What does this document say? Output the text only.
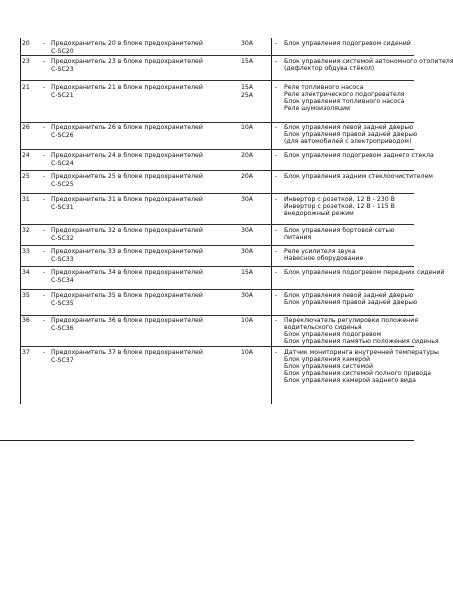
20	- Предохранитель 20 в блоке предохранителей
C-SC20
30A	-	Блок управления подогревом сидений
23	- Предохранитель 23 в блоке предохранителей
C-SC23
15A	-	Блок управления системой автономного отопителя
(дефлектор обдува стёкол)
21	- Предохранитель 21 в блоке предохранителей
C-SC21
15A
25A
-	Реле топливного насоса
Реле электрического подогревателя
Блок управления топливного насоса
Реле шумоизоляции
26	- Предохранитель 26 в блоке предохранителей
C-SC26
10A	-	Блок управления левой задней дверью
Блок управления правой задней дверью
(для автомобилей с электроприводом)
24	- Предохранитель 24 в блоке предохранителей
C-SC24
20A	-	Блок управления подогревом заднего стекла
25	- Предохранитель 25 в блоке предохранителей
C-SC25
20A	-	Блок управления задним стеклоочистителем
31	- Предохранитель 31 в блоке предохранителей
C-SC31
30A	-	Инвертор с розеткой, 12 В - 230 В
Инвертор с розеткой, 12 В - 115 В
внедорожный режим
32	- Предохранитель 32 в блоке предохранителей
C-SC32
30A	-	Блок управления бортовой сетью
питания
33	- Предохранитель 33 в блоке предохранителей
C-SC33
30A	-	Реле усилителя звука
Навесное оборудование
34	- Предохранитель 34 в блоке предохранителей
C-SC34
15A	-	Блок управления подогревом передних сидений
35	- Предохранитель 35 в блоке предохранителей
C-SC35
30A	-	Блок управления левой задней дверью
Блок управления правой задней дверью
36	- Предохранитель 36 в блоке предохранителей
C-SC36
10A	-	Переключатель регулировки положения
водительского сиденья
Блок управления подогревом
Блок управления памятью положения сиденья
37	- Предохранитель 37 в блоке предохранителей
C-SC37
10A	-	Датчик мониторинга внутренней температуры
Блок управления камерой
Блок управления системой
Блок управления системой полного привода
Блок управления камерой заднего вида
